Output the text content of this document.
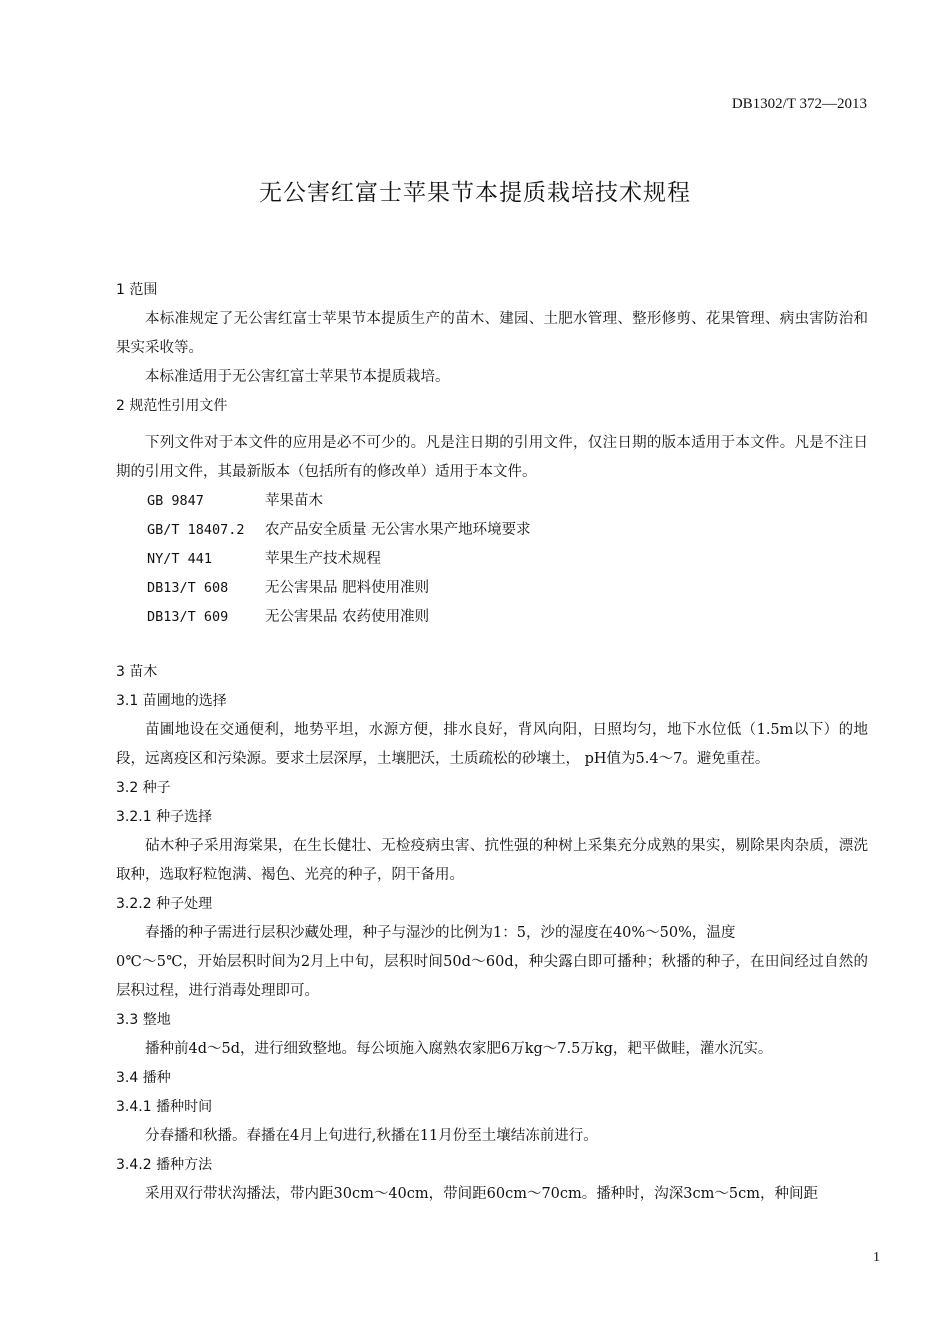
DB1302/T 372—2013
无公害红富士苹果节本提质栽培技术规程
1 范围
本标准规定了无公害红富士苹果节本提质生产的苗木、建园、土肥水管理、整形修剪、花果管理、病虫害防治和果实采收等。
本标准适用于无公害红富士苹果节本提质栽培。
2 规范性引用文件
下列文件对于本文件的应用是必不可少的。凡是注日期的引用文件，仅注日期的版本适用于本文件。凡是不注日期的引用文件，其最新版本（包括所有的修改单）适用于本文件。
GB 9847	苹果苗木
GB/T 18407.2	农产品安全质量 无公害水果产地环境要求
NY/T 441	苹果生产技术规程
DB13/T 608	无公害果品 肥料使用准则
DB13/T 609	无公害果品 农药使用准则
3 苗木
3.1 苗圃地的选择
苗圃地设在交通便利，地势平坦，水源方便，排水良好，背风向阳，日照均匀，地下水位低（1.5m以下）的地段，远离疫区和污染源。要求土层深厚，土壤肥沃，土质疏松的砂壤土， pH值为5.4～7。避免重茬。
3.2 种子
3.2.1 种子选择
砧木种子采用海棠果，在生长健壮、无检疫病虫害、抗性强的种树上采集充分成熟的果实，剔除果肉杂质，漂洗取种，选取籽粒饱满、褐色、光亮的种子，阴干备用。
3.2.2 种子处理
春播的种子需进行层积沙藏处理，种子与湿沙的比例为1：5，沙的湿度在40%～50%，温度
0℃～5℃，开始层积时间为2月上中旬，层积时间50d～60d，种尖露白即可播种；秋播的种子，在田间经过自然的层积过程，进行消毒处理即可。
3.3 整地
播种前4d～5d，进行细致整地。每公顷施入腐熟农家肥6万kg～7.5万kg，耙平做畦，灌水沉实。
3.4 播种
3.4.1 播种时间
分春播和秋播。春播在4月上旬进行,秋播在11月份至土壤结冻前进行。
3.4.2 播种方法
采用双行带状沟播法，带内距30cm～40cm，带间距60cm～70cm。播种时，沟深3cm～5cm，种间距
1
